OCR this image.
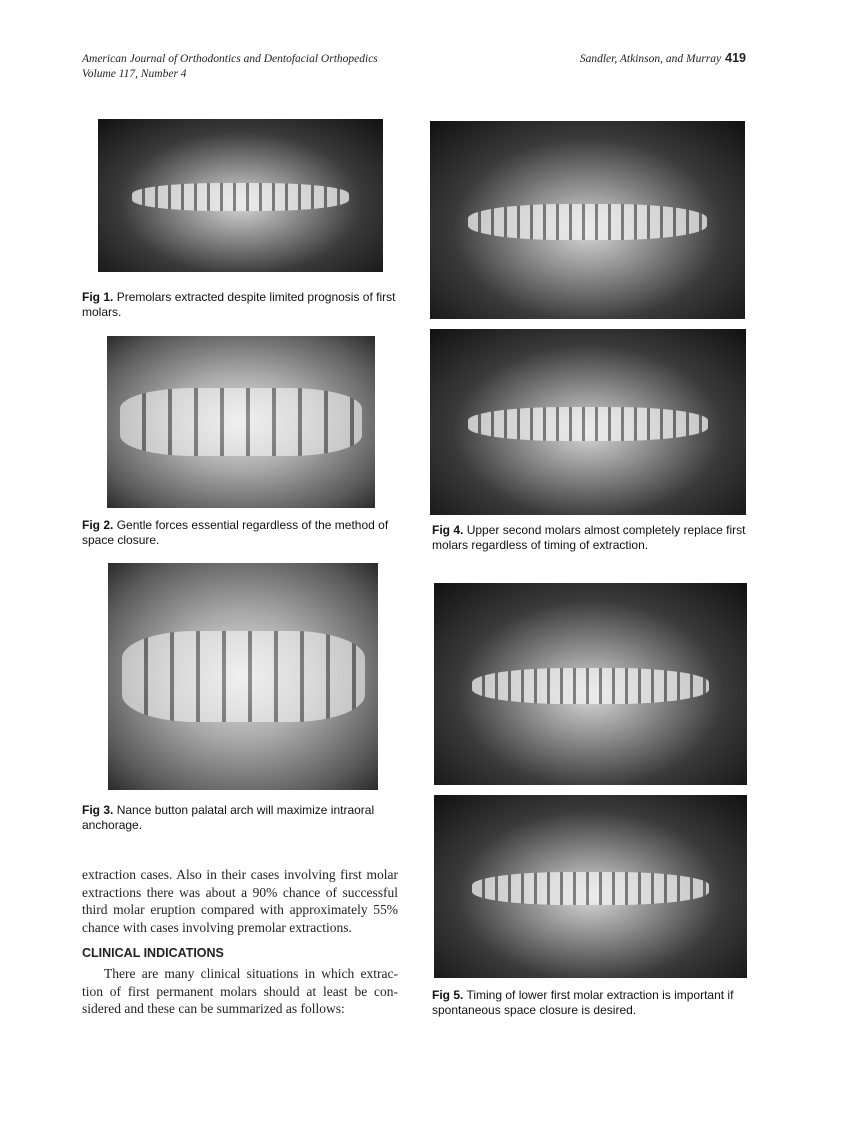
American Journal of Orthodontics and Dentofacial Orthopedics
Volume 117, Number 4
Sandler, Atkinson, and Murray 419
Fig 1. Premolars extracted despite limited prognosis of first molars.
Fig 2. Gentle forces essential regardless of the method of space closure.
Fig 3. Nance button palatal arch will maximize intraoral anchorage.
extraction cases. Also in their cases involving first molar
extractions there was about a 90% chance of successful
third molar eruption compared with approximately 55%
chance with cases involving premolar extractions.
CLINICAL INDICATIONS
There are many clinical situations in which extrac-
tion of first permanent molars should at least be con-
sidered and these can be summarized as follows:
Fig 4. Upper second molars almost completely replace first molars regardless of timing of extraction.
Fig 5. Timing of lower first molar extraction is important if spontaneous space closure is desired.
